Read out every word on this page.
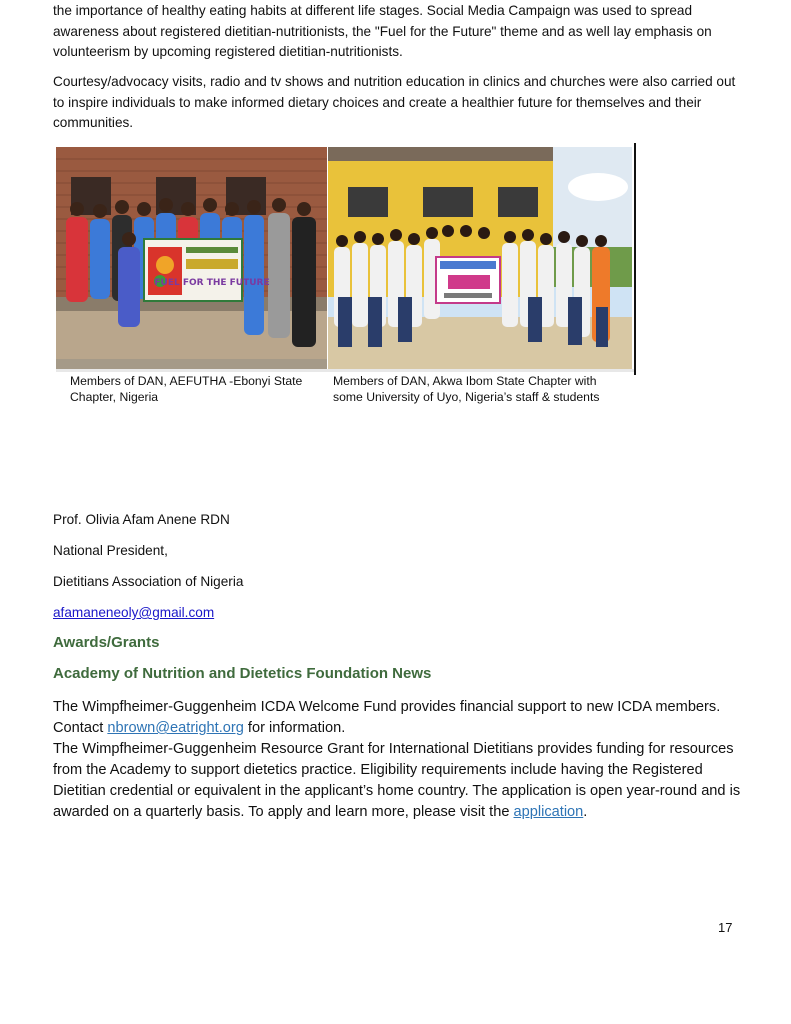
the importance of healthy eating habits at different life stages. Social Media Campaign was used to spread awareness about registered dietitian-nutritionists, the "Fuel for the Future" theme and as well lay emphasis on volunteerism by upcoming registered dietitian-nutritionists.

Courtesy/advocacy visits, radio and tv shows and nutrition education in clinics and churches were also carried out to inspire individuals to make informed dietary choices and create a healthier future for themselves and their communities.

FUEL FOR THE FUTURE

Members of DAN, AEFUTHA -Ebonyi State Chapter, Nigeria

Members of DAN, Akwa Ibom State Chapter with some University of Uyo, Nigeria’s staff & students

Prof. Olivia Afam Anene RDN

National President,

Dietitians Association of Nigeria

afamaneneoly@gmail.com
Awards/Grants
Academy of Nutrition and Dietetics Foundation News

The Wimpfheimer-Guggenheim ICDA Welcome Fund provides financial support to new ICDA members. Contact nbrown@eatright.org for information.

The Wimpfheimer-Guggenheim Resource Grant for International Dietitians provides funding for resources from the Academy to support dietetics practice. Eligibility requirements include having the Registered Dietitian credential or equivalent in the applicant’s home country. The application is open year-round and is awarded on a quarterly basis. To apply and learn more, please visit the application.

17
